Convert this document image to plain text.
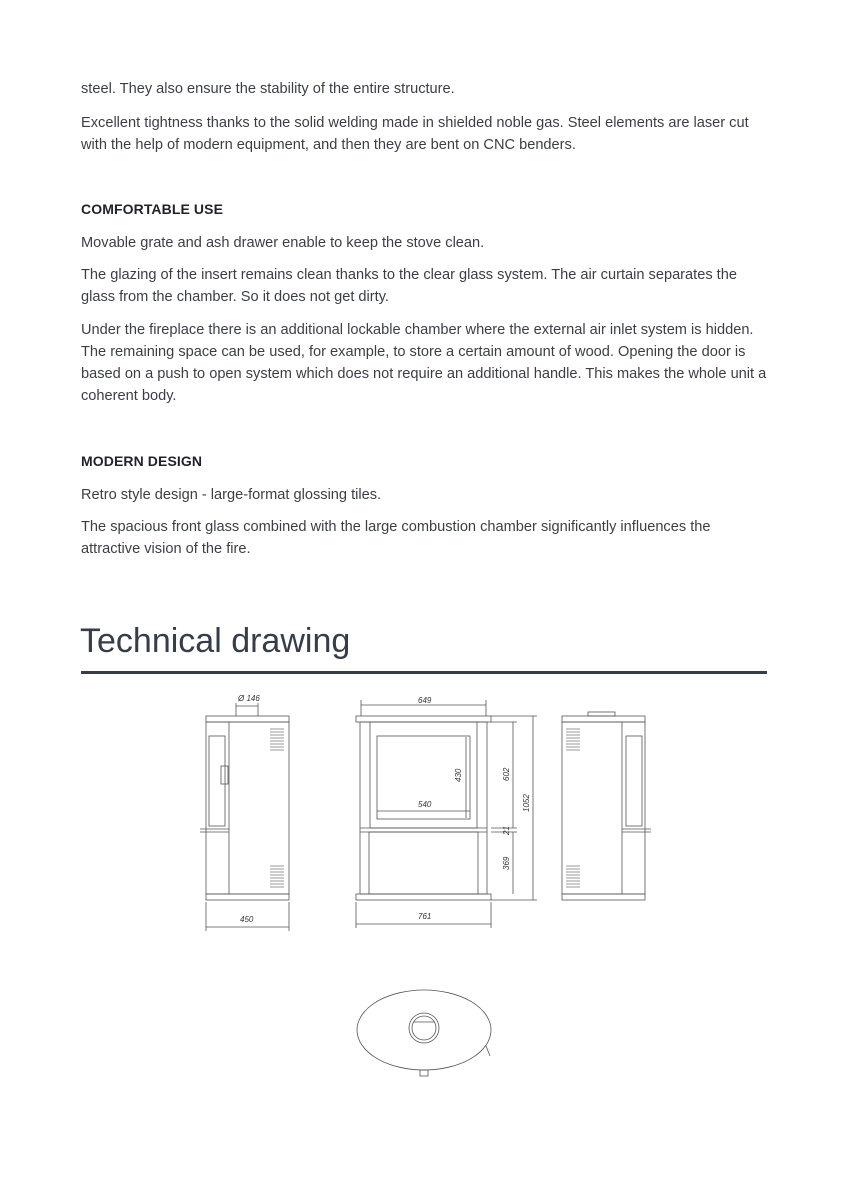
steel. They also ensure the stability of the entire structure.

Excellent tightness thanks to the solid welding made in shielded noble gas. Steel elements are laser cut with the help of modern equipment, and then they are bent on CNC benders.

COMFORTABLE USE

Movable grate and ash drawer enable to keep the stove clean.

The glazing of the insert remains clean thanks to the clear glass system. The air curtain separates the glass from the chamber. So it does not get dirty.

Under the fireplace there is an additional lockable chamber where the external air inlet system is hidden. The remaining space can be used, for example, to store a certain amount of wood. Opening the door is based on a push to open system which does not require an additional handle. This makes the whole unit a coherent body.

MODERN DESIGN

Retro style design - large-format glossing tiles.

The spacious front glass combined with the large combustion chamber significantly influences the attractive vision of the fire.

Technical drawing
Ø 146
450
649
540
430
761
602
21
369
1052
